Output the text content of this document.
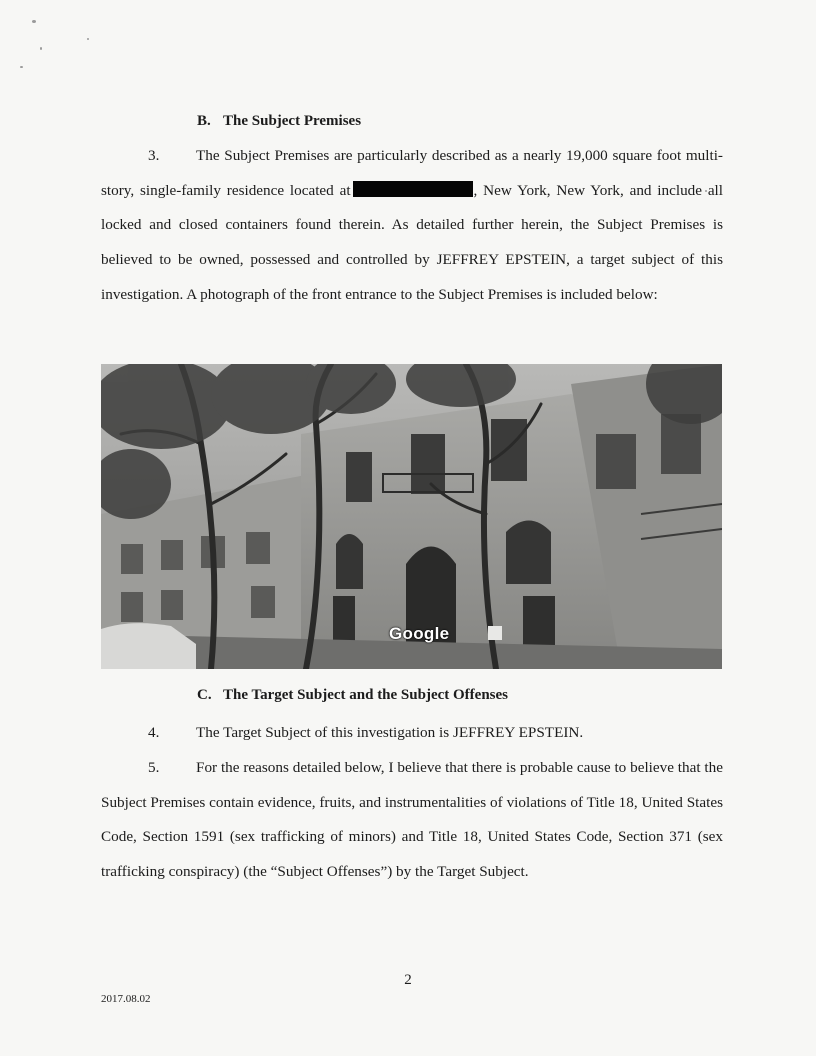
B. The Subject Premises
3. The Subject Premises are particularly described as a nearly 19,000 square foot multi-story, single-family residence located at	, New York, New York, and include all locked and closed containers found therein. As detailed further herein, the Subject Premises is believed to be owned, possessed and controlled by JEFFREY EPSTEIN, a target subject of this investigation. A photograph of the front entrance to the Subject Premises is included below:
Google
C. The Target Subject and the Subject Offenses
4. The Target Subject of this investigation is JEFFREY EPSTEIN.
5. For the reasons detailed below, I believe that there is probable cause to believe that the Subject Premises contain evidence, fruits, and instrumentalities of violations of Title 18, United States Code, Section 1591 (sex trafficking of minors) and Title 18, United States Code, Section 371 (sex trafficking conspiracy) (the “Subject Offenses”) by the Target Subject.
2
2017.08.02
